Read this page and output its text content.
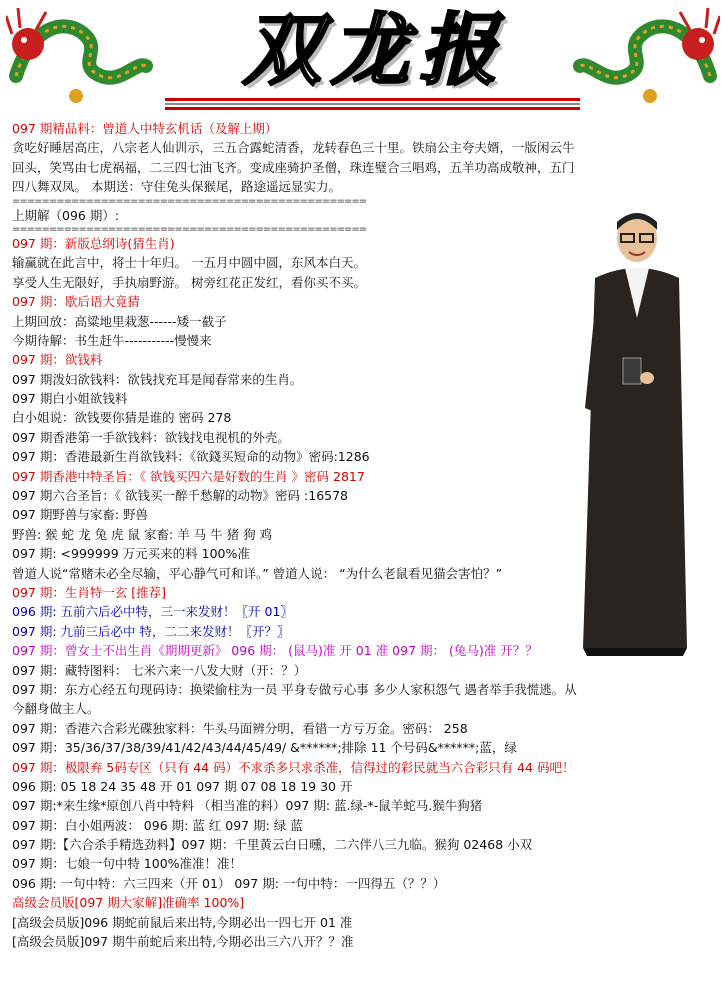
双龙报
097 期精品料：曾道人中特玄机话（及解上期）
贪吃好睡居高庄，八宗老人仙训示，三五合露蛇清香，龙转春色三十里。铁扇公主夸夫婿，一版闲云牛
回头，笑骂由七虎祸福，二三四七油飞齐。变成座骑护圣僧，珠连璧合三唱鸡，五羊功高成敬神，五门
四八舞双凤。 本期送：守住兔头保猴尾，路途遥远显实力。
================================================
上期解（096 期）:
================================================
097 期：新版总纲诗(猜生肖)
输赢就在此言中，将士十年归。 一五月中圆中圆，东风本白天。
享受人生无限好，手执扇野游。 树旁红花正发红，看你买不买。
097 期：歇后语大竟猜
上期回放：高粱地里栽葱------矮一截子
今期待解：书生赶牛-----------慢慢来
097 期：欲钱料
097 期泼妇欲钱料：欲钱找充耳是闻春常来的生肖。
097 期白小姐欲钱料
白小姐说：欲钱要你猜是谁的 密码 278
097 期香港第一手欲钱料：欲钱找电视机的外壳。
097 期：香港最新生肖欲钱料：《欲錢买短命的动物》密码:1286
097 期香港中特圣旨：《 欲钱买四六是好数的生肖 》密码 2817
097 期六合圣旨：《 欲钱买一醉千愁解的动物》密码 :16578
097 期野兽与家畜: 野兽
野兽: 猴 蛇 龙 兔 虎 鼠 家畜: 羊 马 牛 猪 狗 鸡
097 期: <999999 万元买来的料 100%准
曾道人说“常赌未必全尽输，平心静气可和详。” 曾道人说： “为什么老鼠看见猫会害怕？”
097 期：生肖特一玄 [推荐]
096 期: 五前六后必中特，三一来发财！〖开 01〗
097 期: 九前三后必中 特，二二来发财！〖开？〗
097 期：曾女士不出生肖《期期更新》 096 期： (鼠马)准 开 01 准 097 期： (兔马)准 开？？
097 期：藏特图料： 七米六来一八发大财（开：？）
097 期：东方心经五句现码诗：换梁偷柱为一员 平身专做亏心事 多少人家积怨气 遇者举手我慌逃。从
今翻身做主人。
097 期：香港六合彩光碟独家料：牛头马面辨分明，看错一方亏万金。密码： 258
097 期：35/36/37/38/39/41/42/43/44/45/49/ &******;排除 11 个号码&******;蓝，绿
097 期：极限弃 5码专区（只有 44 码）不求杀多只求杀准，信得过的彩民就当六合彩只有 44 码吧！
096 期: 05 18 24 35 48 开 01 097 期 07 08 18 19 30 开
097 期:*来生缘*原创八肖中特料 （相当准的料）097 期: 蓝.绿-*-鼠羊蛇马.猴牛狗猪
097 期：白小姐两波： 096 期: 蓝 红 097 期: 绿 蓝
097 期:【六合杀手精选劲料】097 期：千里黄云白日曛，二六伴八三九临。猴狗 02468 小双
097 期：七娘一句中特 100%准准！准！
096 期: 一句中特：六三四来（开 01） 097 期: 一句中特：一四得五（？？）
高级会员版[097 期大家解]准确率 100%]
[高级会员版]096 期蛇前鼠后来出特,今期必出一四七开 01 准
[高级会员版]097 期牛前蛇后来出特,今期必出三六八开？？准
